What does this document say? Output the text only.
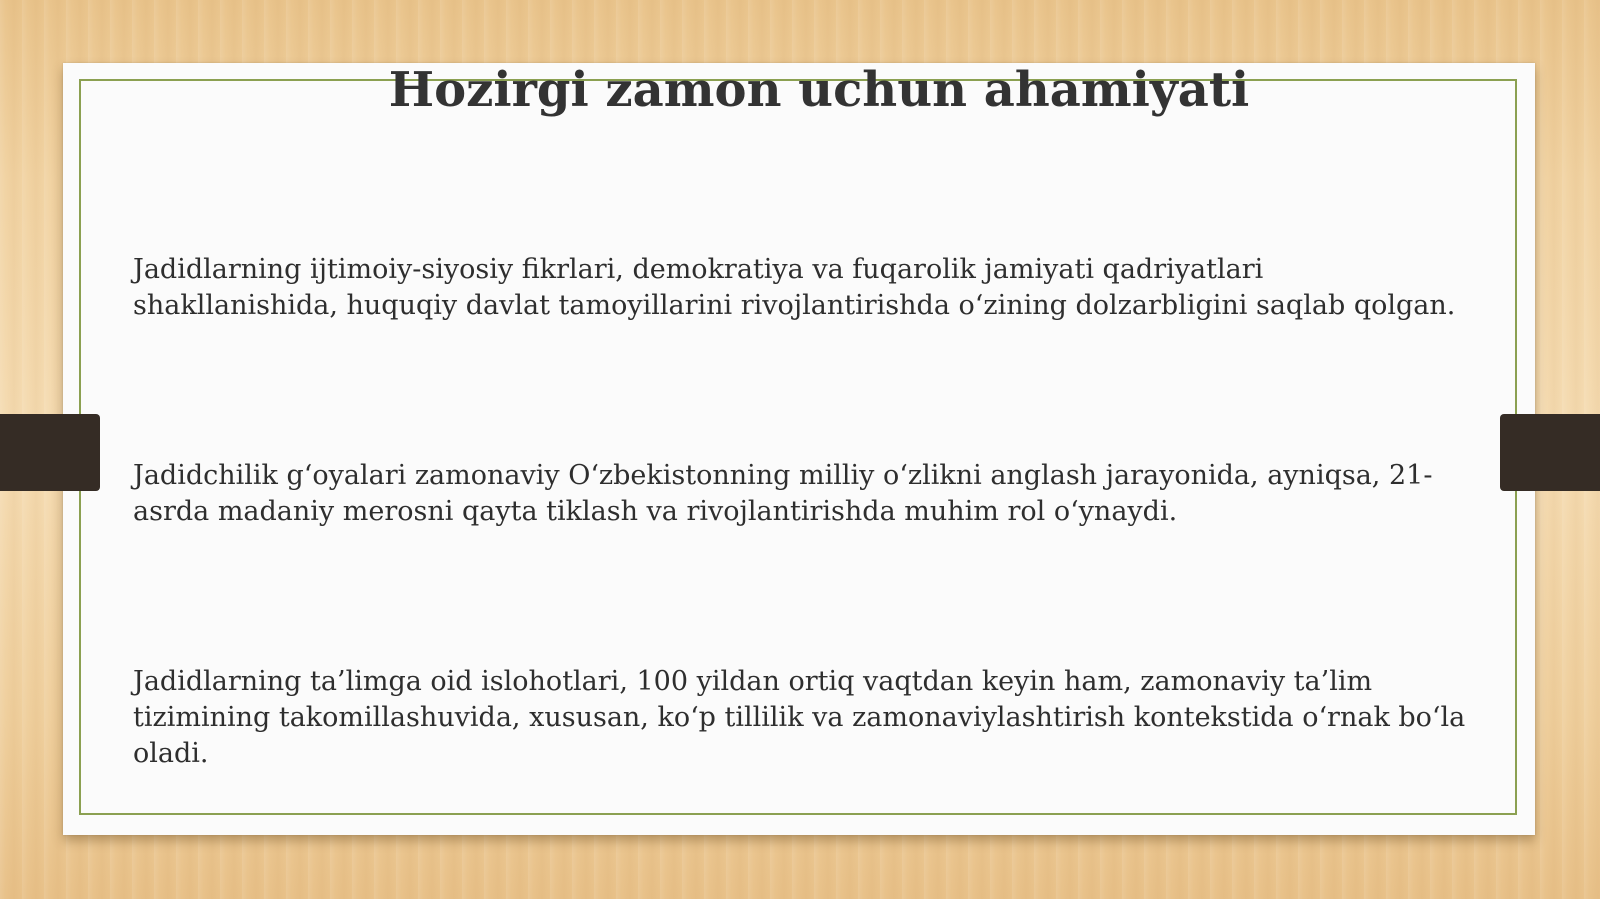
Hozirgi zamon uchun ahamiyati

Jadidlarning ijtimoiy-siyosiy fikrlari, demokratiya va fuqarolik jamiyati qadriyatlari shakllanishida, huquqiy davlat tamoyillarini rivojlantirishda o‘zining dolzarbligini saqlab qolgan.

Jadidchilik g‘oyalari zamonaviy O‘zbekistonning milliy o‘zlikni anglash jarayonida, ayniqsa, 21-asrda madaniy merosni qayta tiklash va rivojlantirishda muhim rol o‘ynaydi.

Jadidlarning ta’limga oid islohotlari, 100 yildan ortiq vaqtdan keyin ham, zamonaviy ta’lim tizimining takomillashuvida, xususan, ko‘p tillilik va zamonaviylashtirish kontekstida o‘rnak bo‘la oladi.
